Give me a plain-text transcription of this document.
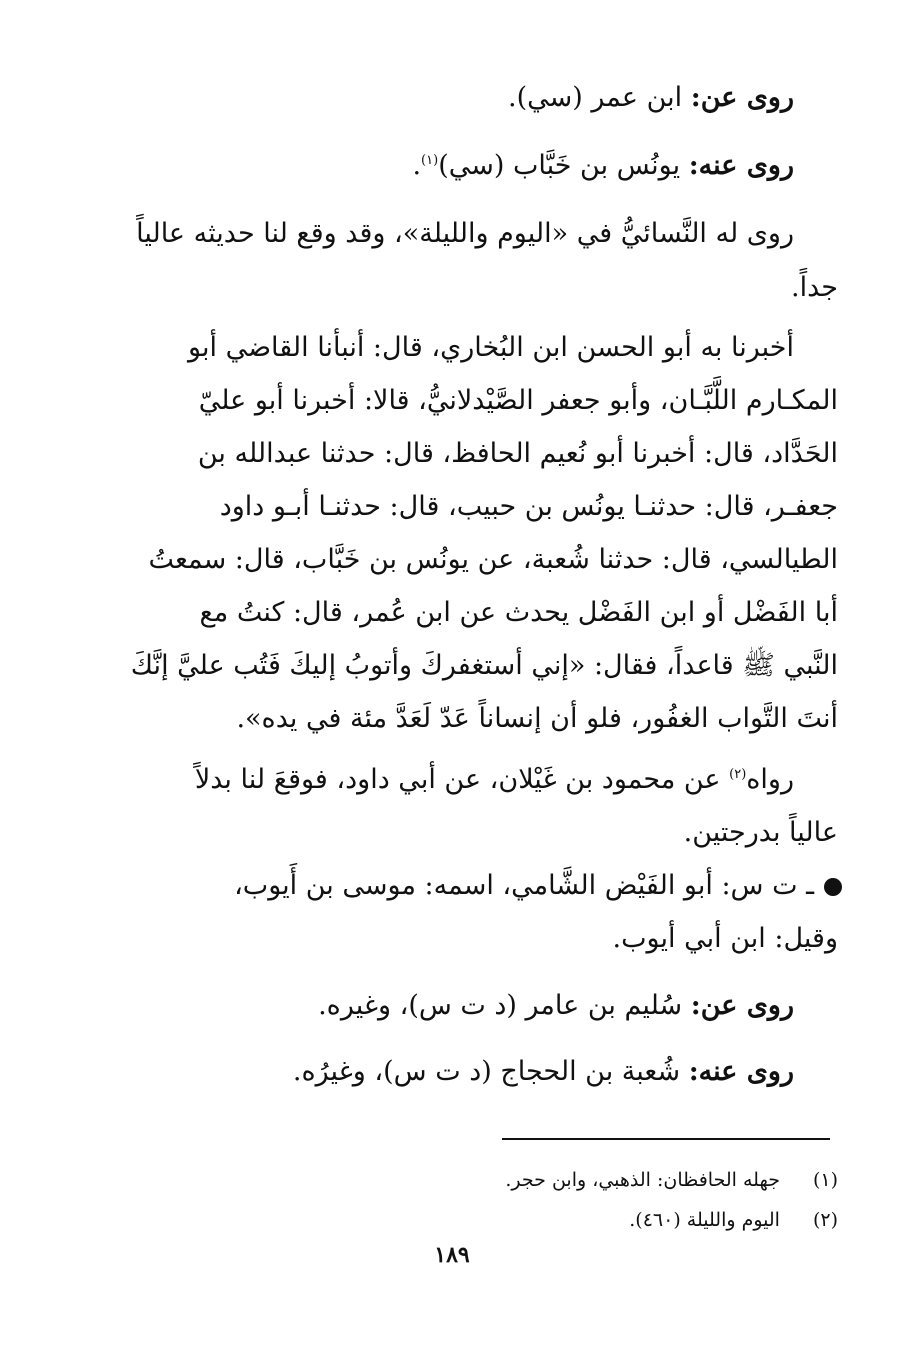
روى عن: ابن عمر (سي).
روى عنه: يونُس بن خَبَّاب (سي)$^{(١)}$.
روى له النَّسائيُّ في «اليوم والليلة»، وقد وقع لنا حديثه عالياً
جداً.
أخبرنا به أبو الحسن ابن البُخاري، قال: أنبأنا القاضي أبو
المكـارم اللَّبَّـان، وأبو جعفر الصَّيْدلانيُّ، قالا: أخبرنا أبو عليّ
الحَدَّاد، قال: أخبرنا أبو نُعيم الحافظ، قال: حدثنا عبدالله بن
جعفـر، قال: حدثنـا يونُس بن حبيب، قال: حدثنـا أبـو داود
الطيالسي، قال: حدثنا شُعبة، عن يونُس بن خَبَّاب، قال: سمعتُ
أبا الفَضْل أو ابن الفَضْل يحدث عن ابن عُمر، قال: كنتُ مع
النَّبي ﷺ قاعداً، فقال: «إني أستغفركَ وأتوبُ إليكَ فَتُب عليَّ إنَّكَ
أنتَ التَّواب الغفُور، فلو أن إنساناً عَدّ لَعَدَّ مئة في يده».
رواه$^{(٢)}$ عن محمود بن غَيْلان، عن أبي داود، فوقعَ لنا بدلاً
عالياً بدرجتين.
ـ ت س: أبو الفَيْض الشَّامي، اسمه: موسى بن أَيوب،
وقيل: ابن أبي أيوب.
روى عن: سُليم بن عامر (د ت س)، وغيره.
روى عنه: شُعبة بن الحجاج (د ت س)، وغيرُه.
(١) جهله الحافظان: الذهبي، وابن حجر.
(٢) اليوم والليلة (٤٦٠).
١٨٩
